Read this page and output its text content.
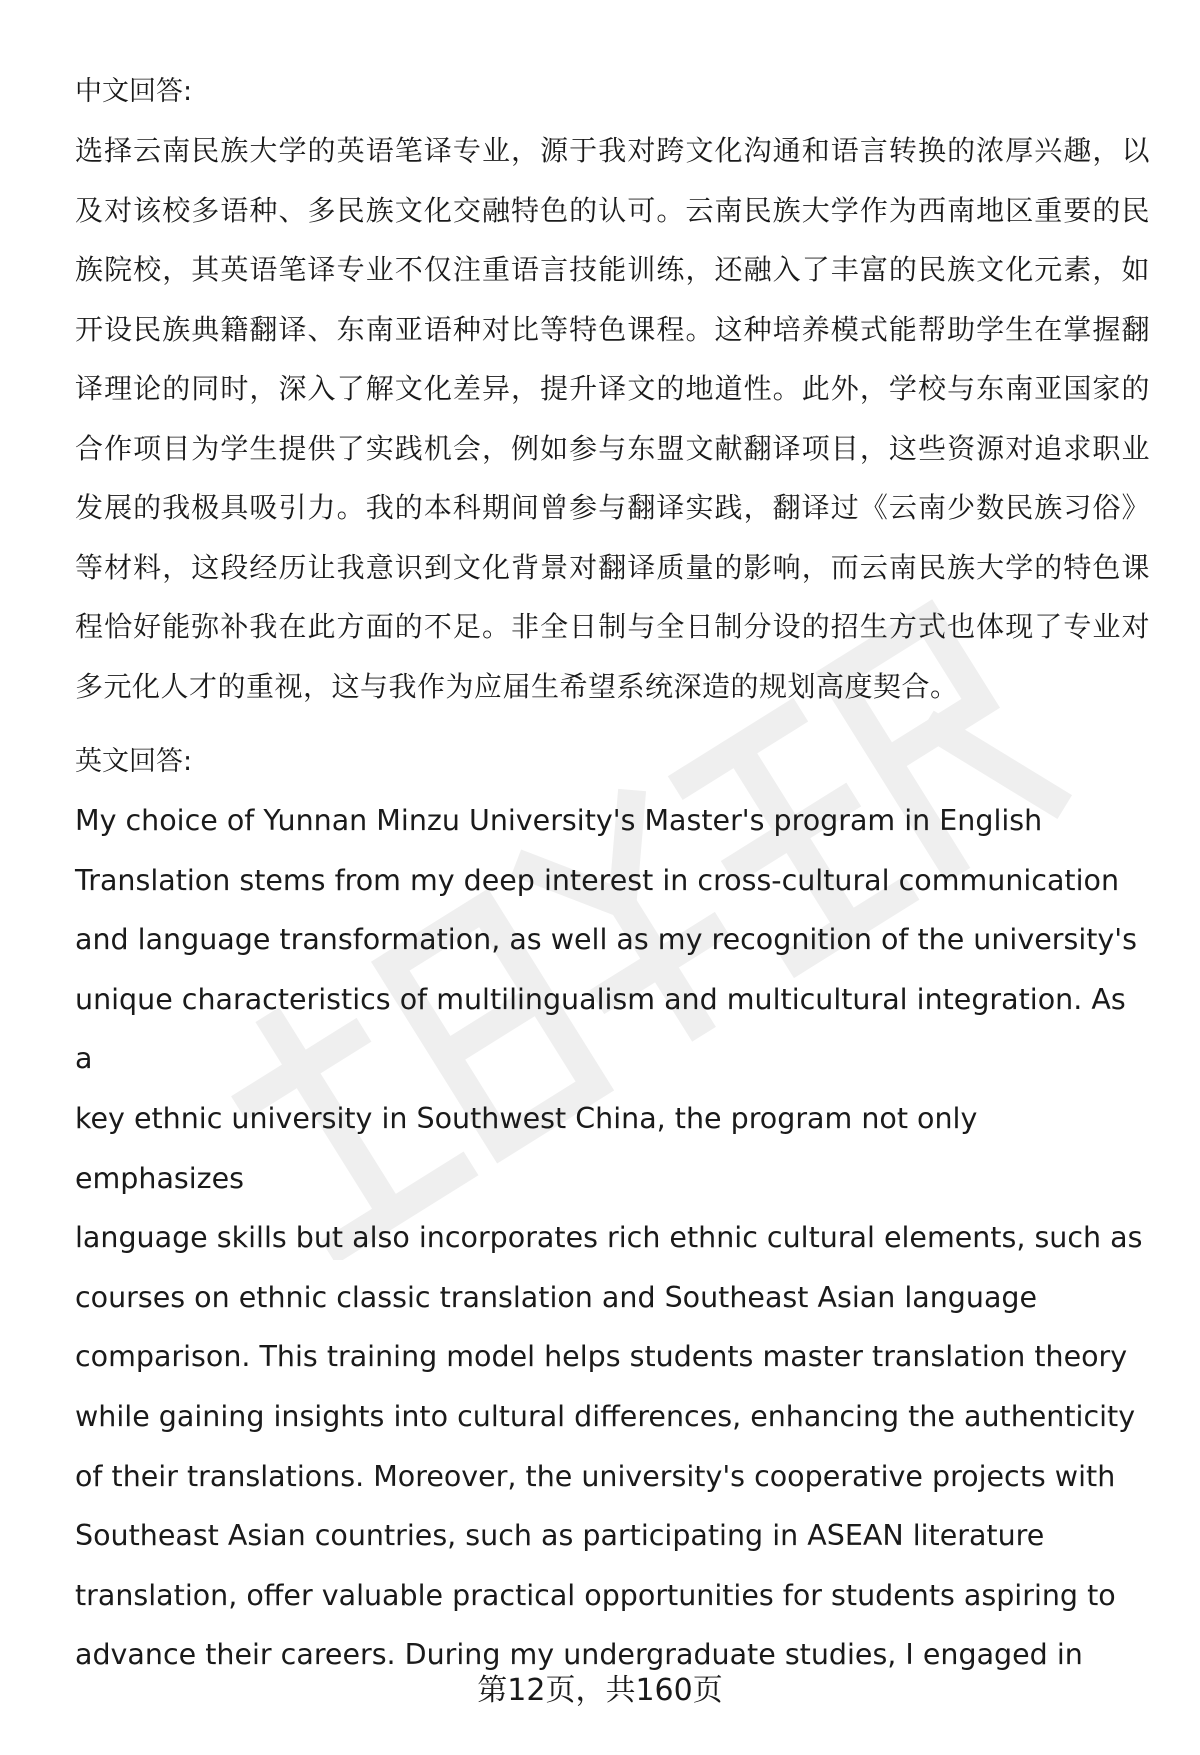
中文回答:

选择云南民族大学的英语笔译专业，源于我对跨文化沟通和语言转换的浓厚兴趣，以及对该校多语种、多民族文化交融特色的认可。云南民族大学作为西南地区重要的民族院校，其英语笔译专业不仅注重语言技能训练，还融入了丰富的民族文化元素，如开设民族典籍翻译、东南亚语种对比等特色课程。这种培养模式能帮助学生在掌握翻译理论的同时，深入了解文化差异，提升译文的地道性。此外，学校与东南亚国家的合作项目为学生提供了实践机会，例如参与东盟文献翻译项目，这些资源对追求职业发展的我极具吸引力。我的本科期间曾参与翻译实践，翻译过《云南少数民族习俗》等材料，这段经历让我意识到文化背景对翻译质量的影响，而云南民族大学的特色课程恰好能弥补我在此方面的不足。非全日制与全日制分设的招生方式也体现了专业对多元化人才的重视，这与我作为应届生希望系统深造的规划高度契合。

英文回答:
My choice of Yunnan Minzu University's Master's program in English
Translation stems from my deep interest in cross-cultural communication
and language transformation, as well as my recognition of the university's
unique characteristics of multilingualism and multicultural integration. As a
key ethnic university in Southwest China, the program not only emphasizes
language skills but also incorporates rich ethnic cultural elements, such as
courses on ethnic classic translation and Southeast Asian language
comparison. This training model helps students master translation theory
while gaining insights into cultural differences, enhancing the authenticity
of their translations. Moreover, the university's cooperative projects with
Southeast Asian countries, such as participating in ASEAN literature
translation, offer valuable practical opportunities for students aspiring to
advance their careers. During my undergraduate studies, I engaged in
第12页，共160页
